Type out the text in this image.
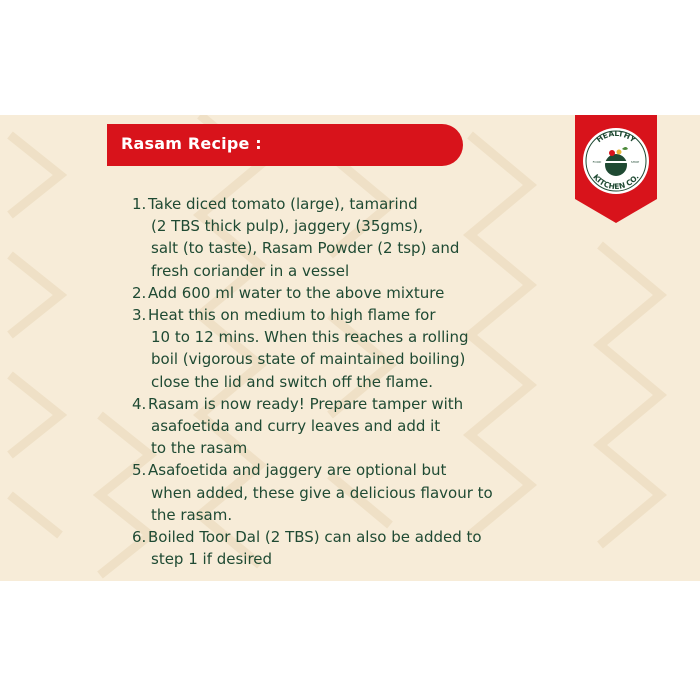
Rasam Recipe :	HEALTHY
KITCHEN CO.
FOOD	SHOP
1. Take diced tomato (large), tamarind
(2 TBS thick pulp), jaggery (35gms),
salt (to taste), Rasam Powder (2 tsp) and
fresh coriander in a vessel
2. Add 600 ml water to the above mixture
3. Heat this on medium to high flame for
10 to 12 mins. When this reaches a rolling
boil (vigorous state of maintained boiling)
close the lid and switch off the flame.
4. Rasam is now ready! Prepare tamper with
asafoetida and curry leaves and add it
to the rasam
5. Asafoetida and jaggery are optional but
when added, these give a delicious flavour to
the rasam.
6. Boiled Toor Dal (2 TBS) can also be added to
step 1 if desired
